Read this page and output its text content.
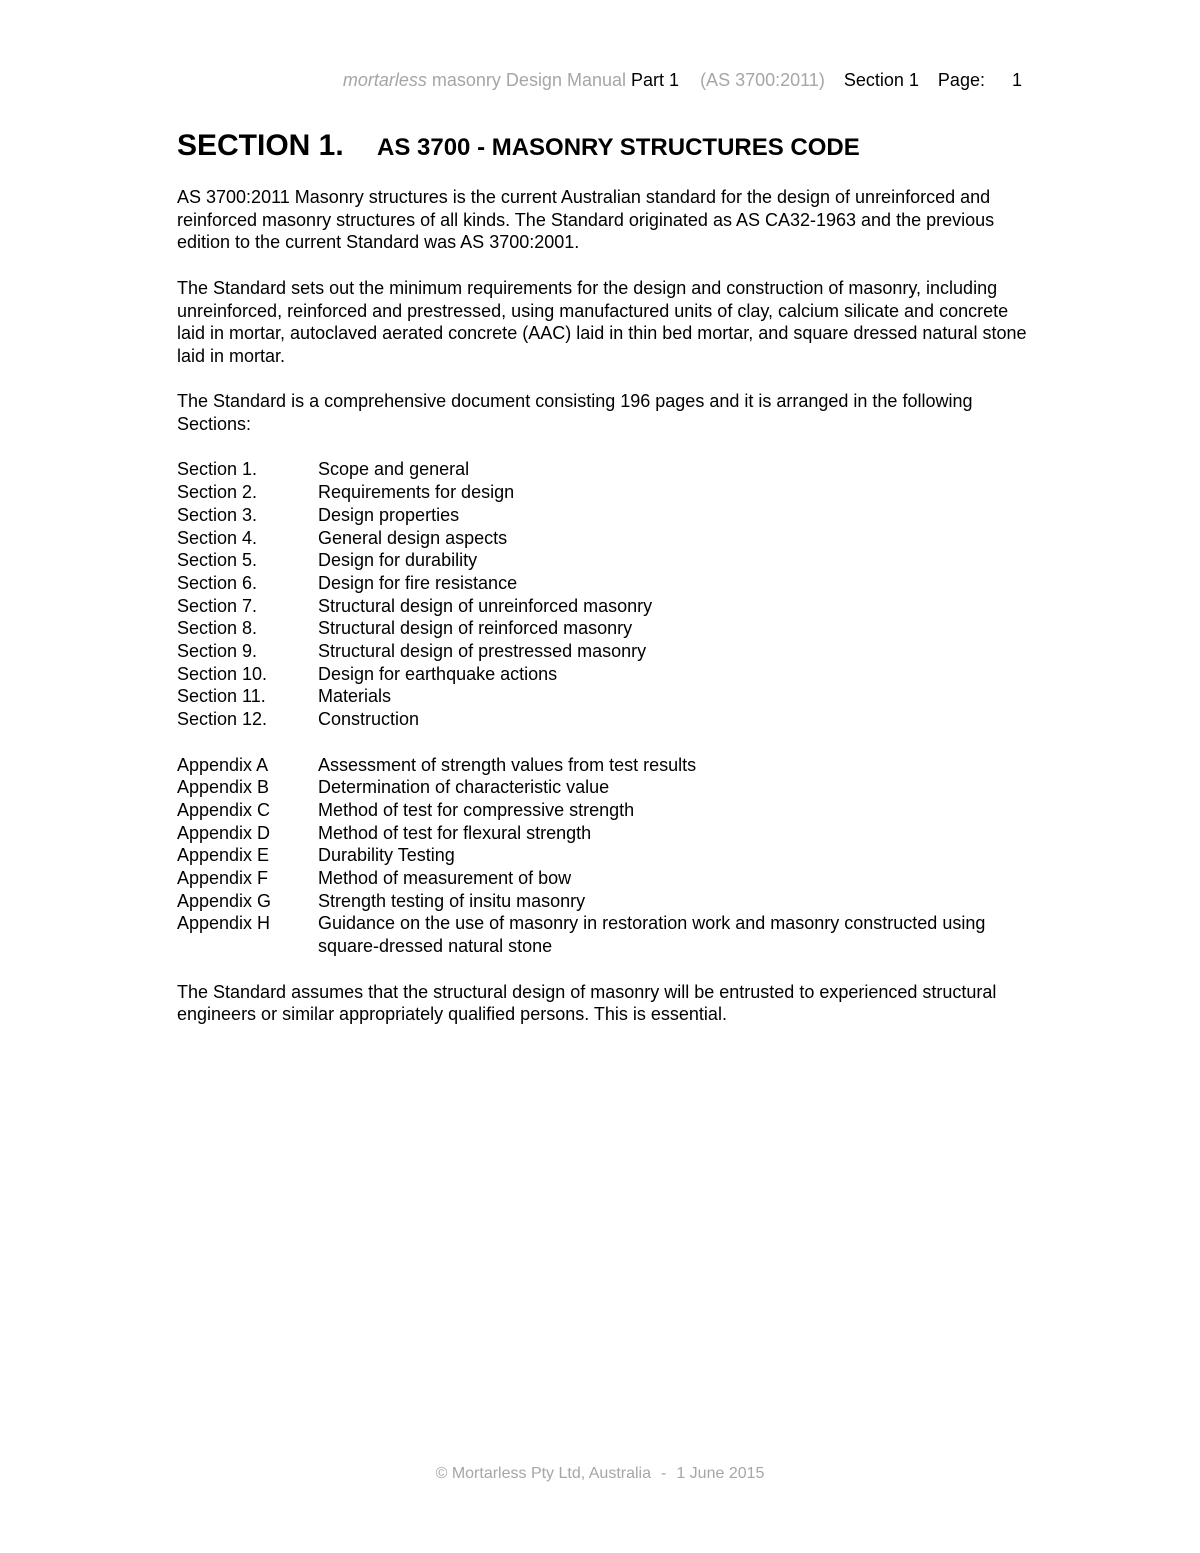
mortarless masonry Design Manual Part 1 (AS 3700:2011) Section 1 Page: 1
SECTION 1. AS 3700 - MASONRY STRUCTURES CODE

AS 3700:2011 Masonry structures is the current Australian standard for the design of unreinforced and reinforced masonry structures of all kinds. The Standard originated as AS CA32-1963 and the previous edition to the current Standard was AS 3700:2001.

The Standard sets out the minimum requirements for the design and construction of masonry, including unreinforced, reinforced and prestressed, using manufactured units of clay, calcium silicate and concrete laid in mortar, autoclaved aerated concrete (AAC) laid in thin bed mortar, and square dressed natural stone laid in mortar.

The Standard is a comprehensive document consisting 196 pages and it is arranged in the following Sections:

Section 1.	Scope and general
Section 2.	Requirements for design
Section 3.	Design properties
Section 4.	General design aspects
Section 5.	Design for durability
Section 6.	Design for fire resistance
Section 7.	Structural design of unreinforced masonry
Section 8.	Structural design of reinforced masonry
Section 9.	Structural design of prestressed masonry
Section 10.	Design for earthquake actions
Section 11.	Materials
Section 12.	Construction
Appendix A	Assessment of strength values from test results
Appendix B	Determination of characteristic value
Appendix C	Method of test for compressive strength
Appendix D	Method of test for flexural strength
Appendix E	Durability Testing
Appendix F	Method of measurement of bow
Appendix G	Strength testing of insitu masonry
Appendix H	Guidance on the use of masonry in restoration work and masonry constructed using square-dressed natural stone

The Standard assumes that the structural design of masonry will be entrusted to experienced structural engineers or similar appropriately qualified persons. This is essential.

© Mortarless Pty Ltd, Australia - 1 June 2015
